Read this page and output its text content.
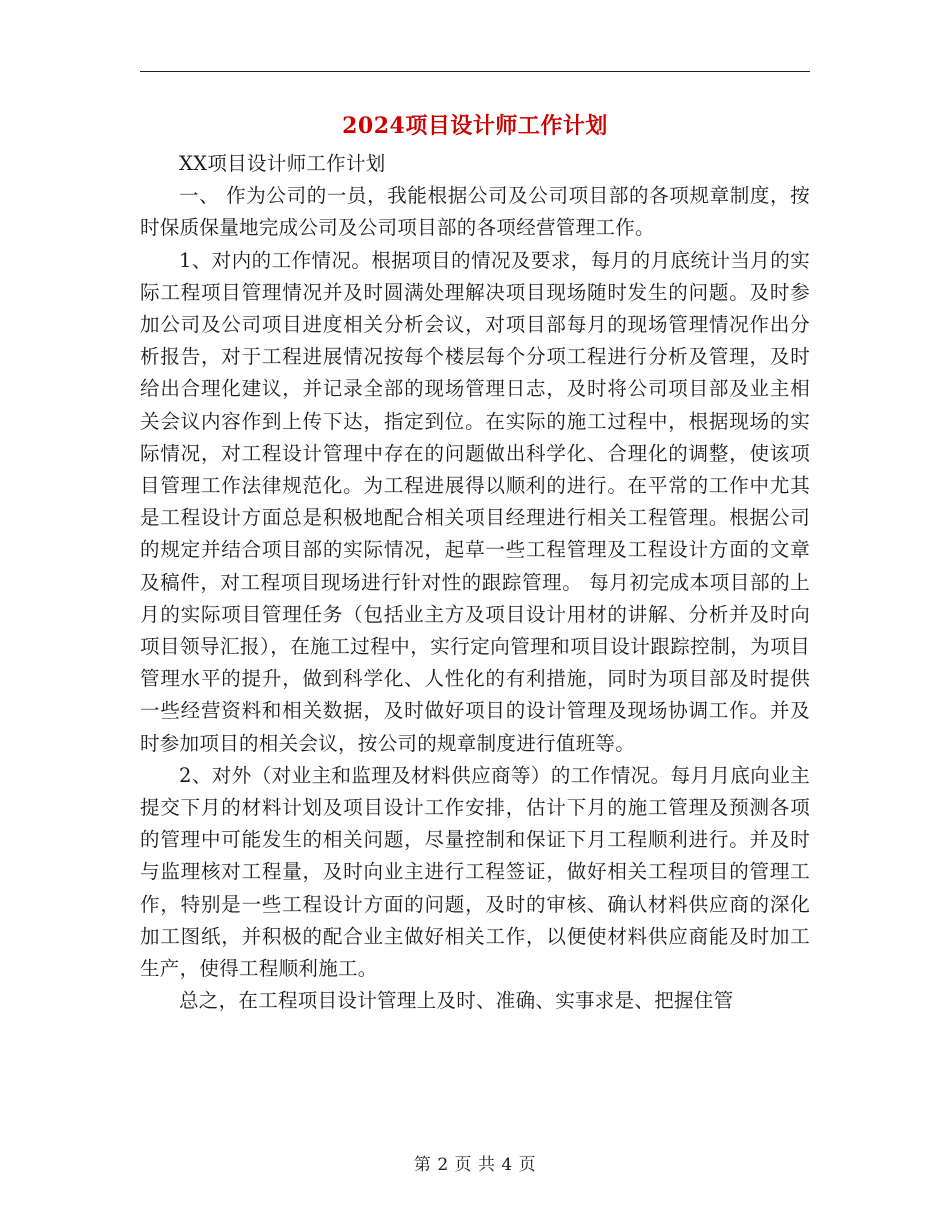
2024项目设计师工作计划

XX项目设计师工作计划

一、 作为公司的一员，我能根据公司及公司项目部的各项规章制度，按时保质保量地完成公司及公司项目部的各项经营管理工作。

1、对内的工作情况。根据项目的情况及要求，每月的月底统计当月的实际工程项目管理情况并及时圆满处理解决项目现场随时发生的问题。及时参加公司及公司项目进度相关分析会议，对项目部每月的现场管理情况作出分析报告，对于工程进展情况按每个楼层每个分项工程进行分析及管理，及时给出合理化建议，并记录全部的现场管理日志，及时将公司项目部及业主相关会议内容作到上传下达，指定到位。在实际的施工过程中，根据现场的实际情况，对工程设计管理中存在的问题做出科学化、合理化的调整，使该项目管理工作法律规范化。为工程进展得以顺利的进行。在平常的工作中尤其是工程设计方面总是积极地配合相关项目经理进行相关工程管理。根据公司的规定并结合项目部的实际情况，起草一些工程管理及工程设计方面的文章及稿件，对工程项目现场进行针对性的跟踪管理。 每月初完成本项目部的上月的实际项目管理任务（包括业主方及项目设计用材的讲解、分析并及时向项目领导汇报），在施工过程中，实行定向管理和项目设计跟踪控制，为项目管理水平的提升，做到科学化、人性化的有利措施，同时为项目部及时提供一些经营资料和相关数据，及时做好项目的设计管理及现场协调工作。并及时参加项目的相关会议，按公司的规章制度进行值班等。

2、对外（对业主和监理及材料供应商等）的工作情况。每月月底向业主提交下月的材料计划及项目设计工作安排，估计下月的施工管理及预测各项的管理中可能发生的相关问题，尽量控制和保证下月工程顺利进行。并及时与监理核对工程量，及时向业主进行工程签证，做好相关工程项目的管理工作，特别是一些工程设计方面的问题，及时的审核、确认材料供应商的深化加工图纸，并积极的配合业主做好相关工作，以便使材料供应商能及时加工生产，使得工程顺利施工。

总之，在工程项目设计管理上及时、准确、实事求是、把握住管

第 2 页 共 4 页
